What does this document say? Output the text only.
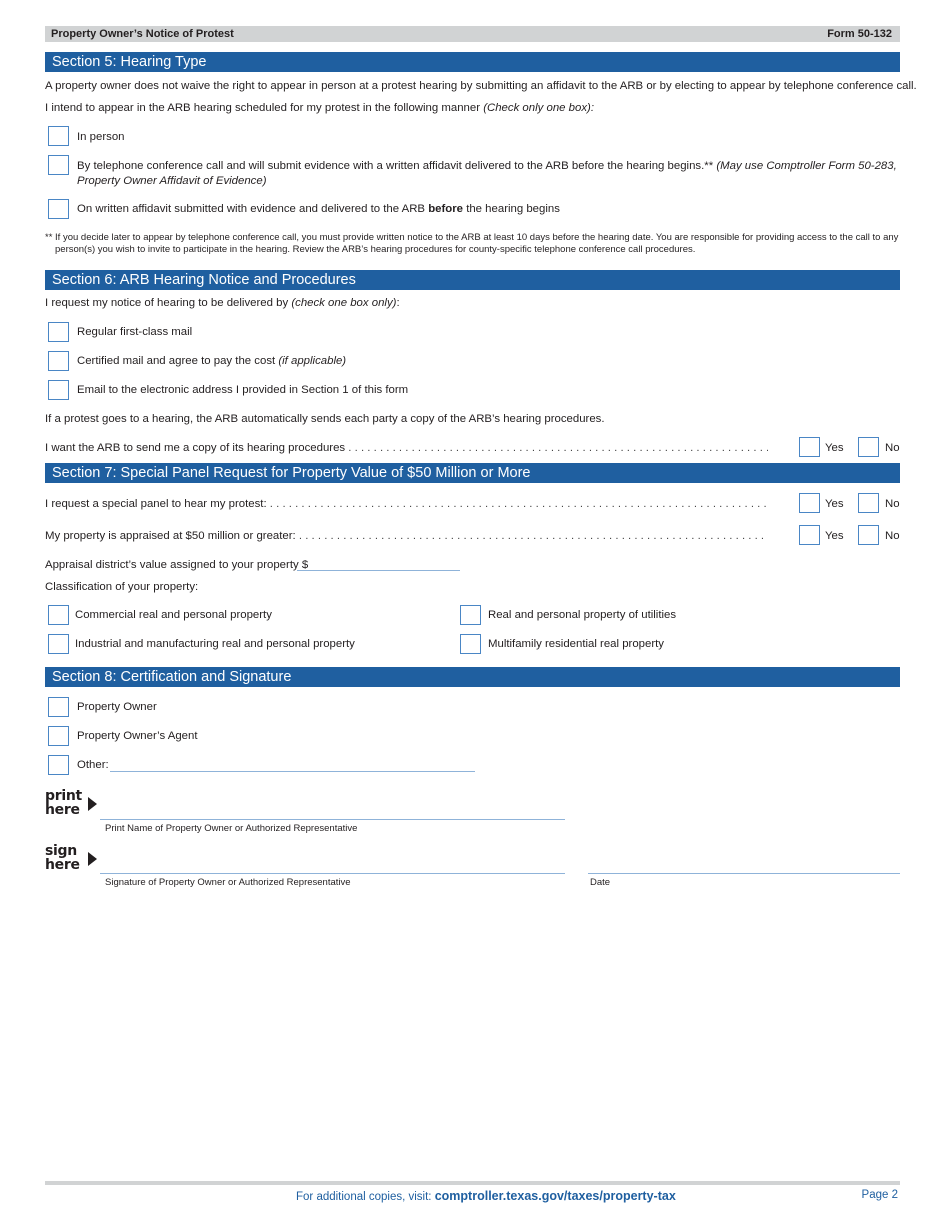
Property Owner’s Notice of Protest	Form 50-132
Section 5: Hearing Type
A property owner does not waive the right to appear in person at a protest hearing by submitting an affidavit to the ARB or by electing to appear by telephone conference call.
I intend to appear in the ARB hearing scheduled for my protest in the following manner (Check only one box):
In person
By telephone conference call and will submit evidence with a written affidavit delivered to the ARB before the hearing begins.** (May use Comptroller Form 50-283,
Property Owner Affidavit of Evidence)
On written affidavit submitted with evidence and delivered to the ARB before the hearing begins
** If you decide later to appear by telephone conference call, you must provide written notice to the ARB at least 10 days before the hearing date. You are responsible for providing access to the call to any
person(s) you wish to invite to participate in the hearing. Review the ARB’s hearing procedures for county-specific telephone conference call procedures.
Section 6: ARB Hearing Notice and Procedures
I request my notice of hearing to be delivered by (check one box only):
Regular first-class mail
Certified mail and agree to pay the cost (if applicable)
Email to the electronic address I provided in Section 1 of this form
If a protest goes to a hearing, the ARB automatically sends each party a copy of the ARB’s hearing procedures.
I want the ARB to send me a copy of its hearing procedures . . .	Yes	No
Section 7: Special Panel Request for Property Value of $50 Million or More
I request a special panel to hear my protest: . . .	Yes	No
My property is appraised at $50 million or greater: . . .	Yes	No
Appraisal district’s value assigned to your property $
Classification of your property:
Commercial real and personal property	Real and personal property of utilities
Industrial and manufacturing real and personal property	Multifamily residential real property
Section 8: Certification and Signature
Property Owner
Property Owner’s Agent
Other:
print
here
Print Name of Property Owner or Authorized Representative
sign
here
Signature of Property Owner or Authorized Representative	Date
For additional copies, visit: comptroller.texas.gov/taxes/property-tax	Page 2
